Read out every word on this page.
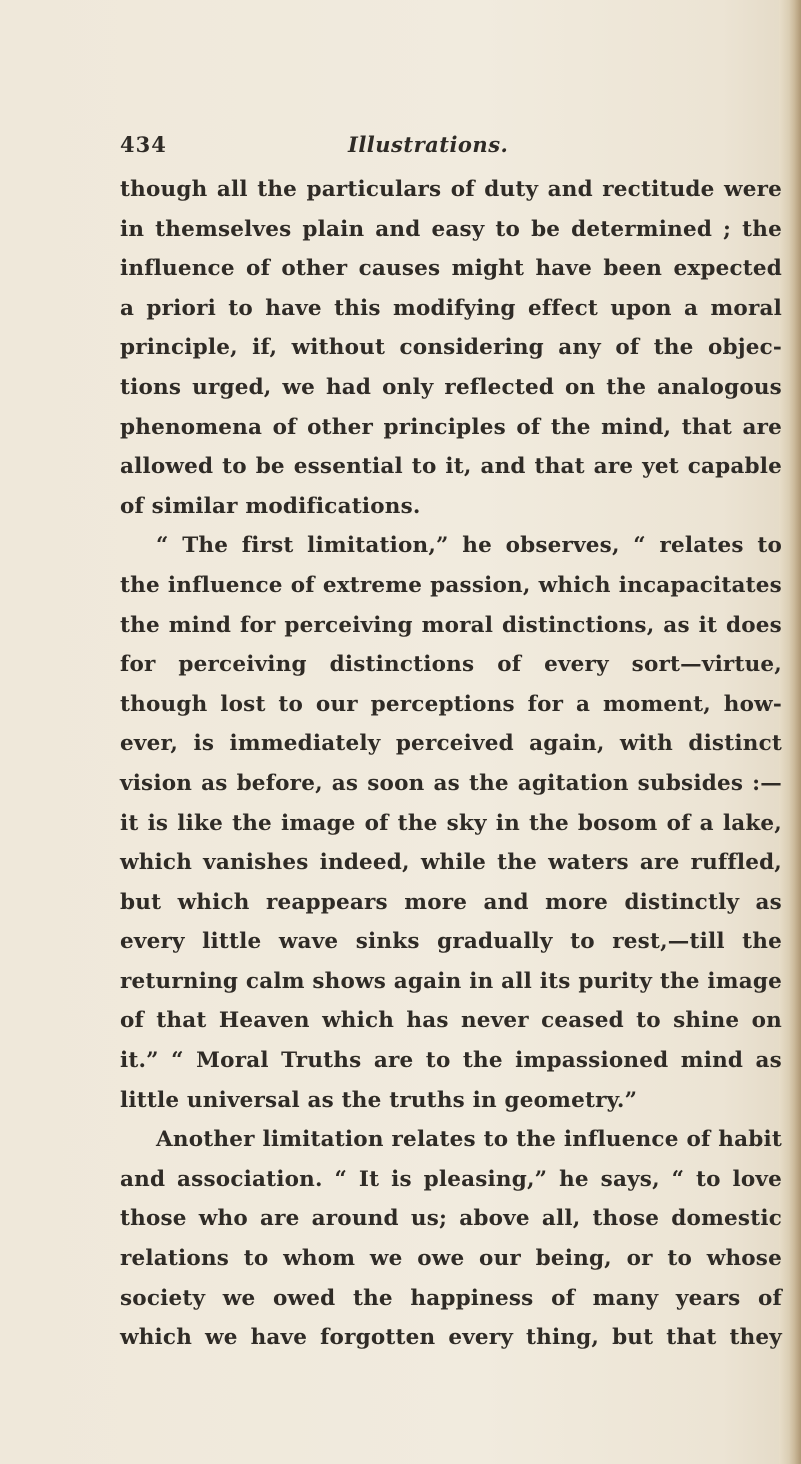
434	Illustrations.
though all the particulars of duty and rectitude were
in themselves plain and easy to be determined ; the
influence of other causes might have been expected
a priori to have this modifying effect upon a moral
principle, if, without considering any of the objec-
tions urged, we had only reflected on the analogous
phenomena of other principles of the mind, that are
allowed to be essential to it, and that are yet capable
of similar modifications.
“ The first limitation,” he observes, “ relates to
the influence of extreme passion, which incapacitates
the mind for perceiving moral distinctions, as it does
for perceiving distinctions of every sort—virtue,
though lost to our perceptions for a moment, how-
ever, is immediately perceived again, with distinct
vision as before, as soon as the agitation subsides :—
it is like the image of the sky in the bosom of a lake,
which vanishes indeed, while the waters are ruffled,
but which reappears more and more distinctly as
every little wave sinks gradually to rest,—till the
returning calm shows again in all its purity the image
of that Heaven which has never ceased to shine on
it.” “ Moral Truths are to the impassioned mind as
little universal as the truths in geometry.”
Another limitation relates to the influence of habit
and association. “ It is pleasing,” he says, “ to love
those who are around us; above all, those domestic
relations to whom we owe our being, or to whose
society we owed the happiness of many years of
which we have forgotten every thing, but that they
